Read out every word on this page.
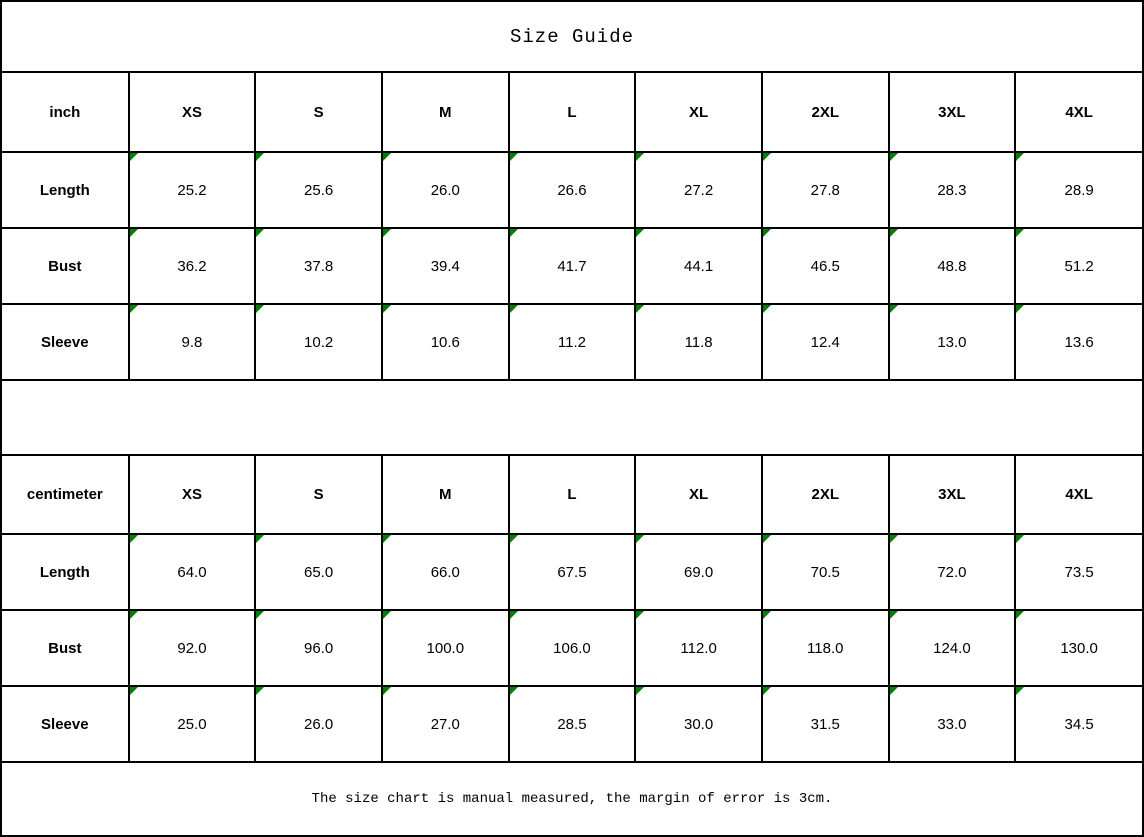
Size Guide
inch	XS	S	M	L	XL	2XL	3XL	4XL
Length	25.2	25.6	26.0	26.6	27.2	27.8	28.3	28.9
Bust	36.2	37.8	39.4	41.7	44.1	46.5	48.8	51.2
Sleeve	9.8	10.2	10.6	11.2	11.8	12.4	13.0	13.6
centimeter	XS	S	M	L	XL	2XL	3XL	4XL
Length	64.0	65.0	66.0	67.5	69.0	70.5	72.0	73.5
Bust	92.0	96.0	100.0	106.0	112.0	118.0	124.0	130.0
Sleeve	25.0	26.0	27.0	28.5	30.0	31.5	33.0	34.5
The size chart is manual measured, the margin of error is 3cm.
